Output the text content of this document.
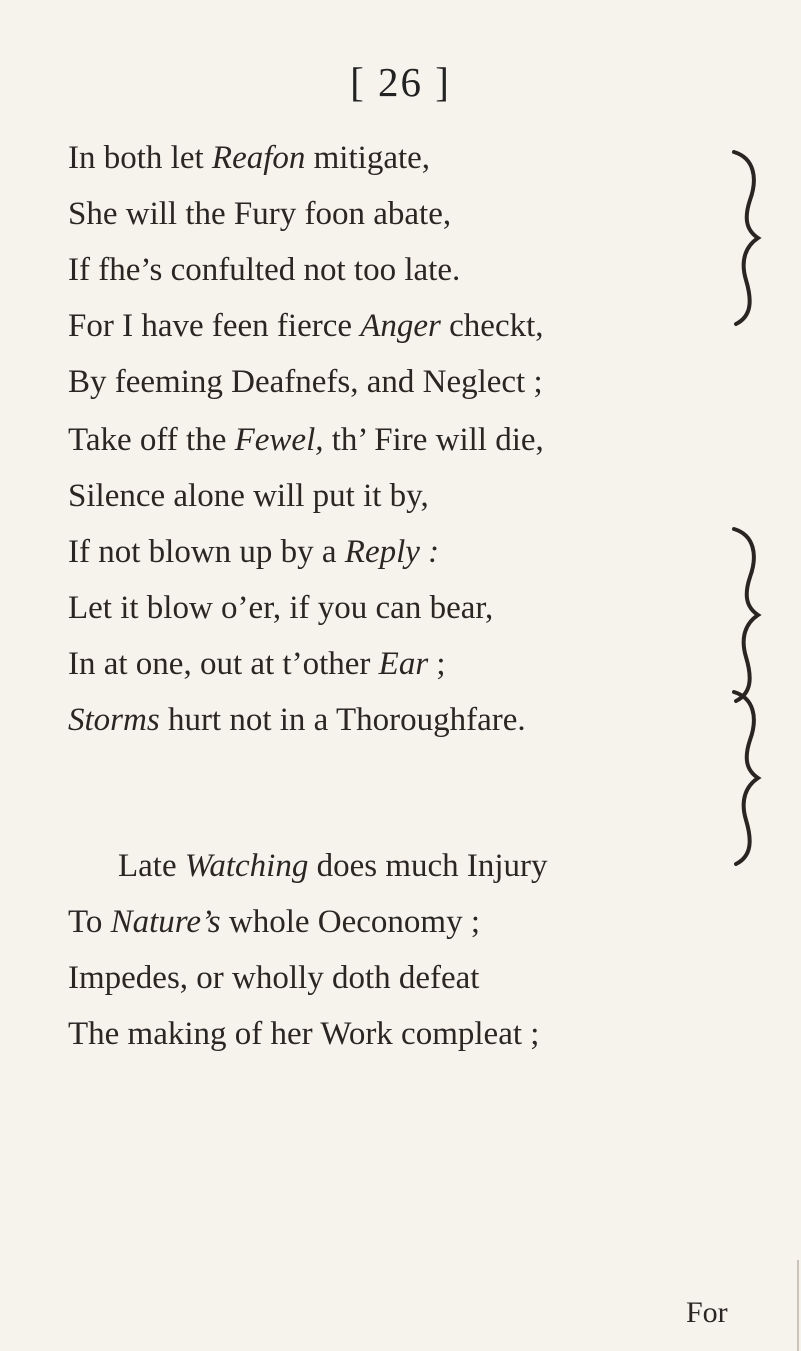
[ 26 ]
In both let Reafon mitigate,
She will the Fury foon abate,
If fhe’s confulted not too late.
For I have feen fierce Anger checkt,
By feeming Deafnefs, and Neglect ;
Take off the Fewel, th’ Fire will die,
Silence alone will put it by,
If not blown up by a Reply :
Let it blow o’er, if you can bear,
In at one, out at t’other Ear ;
Storms hurt not in a Thoroughfare.
Late Watching does much Injury
To Nature’s whole Oeconomy ;
Impedes, or wholly doth defeat
The making of her Work compleat ;
For
